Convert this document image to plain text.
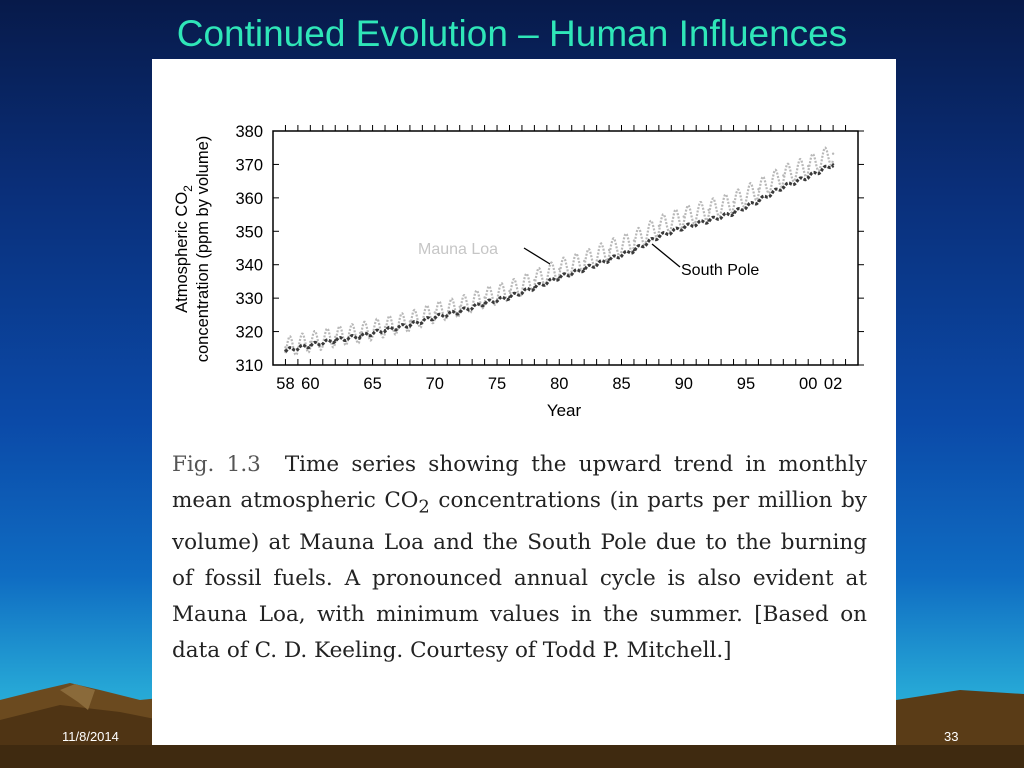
Continued Evolution – Human Influences
58 60	65	70	75	80	85	90	95	00 02
310
320
330
340
350
360
370
380
Year
Atmospheric $CO_2$ concentration (ppm by volume)	Mauna Loa
South Pole
Fig. 1.3 Time series showing the upward trend in monthly mean atmospheric $CO_2$ concentrations (in parts per million by volume) at Mauna Loa and the South Pole due to the burning of fossil fuels. A pronounced annual cycle is also evident at Mauna Loa, with minimum values in the summer. [Based on data of C. D. Keeling. Courtesy of Todd P. Mitchell.]
11/8/2014	33
